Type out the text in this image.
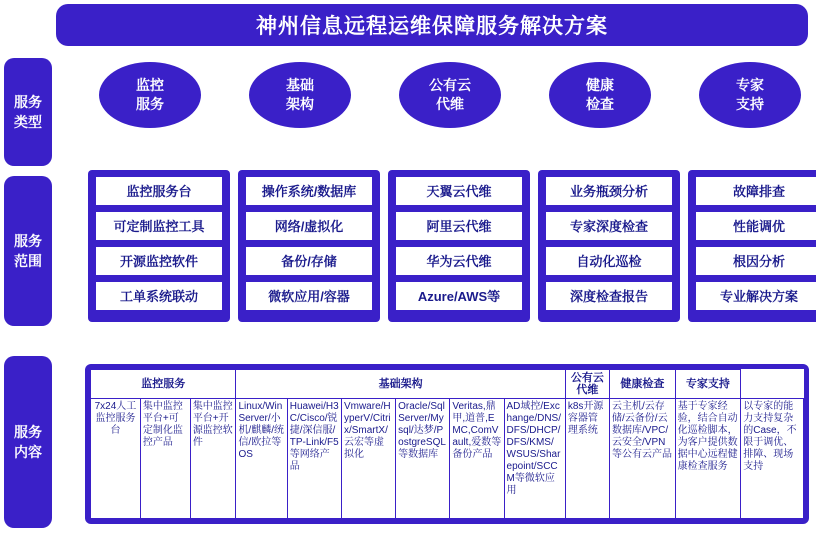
神州信息远程运维保障服务解决方案
服务
类型
服务
范围
服务
内容
监控
服务
基础
架构
公有云
代维
健康
检查
专家
支持
监控服务台
可定制监控工具
开源监控软件
工单系统联动
操作系统/数据库
网络/虚拟化
备份/存储
微软应用/容器
天翼云代维
阿里云代维
华为云代维
Azure/AWS等
业务瓶颈分析
专家深度检查
自动化巡检
深度检查报告
故障排查
性能调优
根因分析
专业解决方案
监控服务			基础架构						公有云代维	健康检查	专家支持	
7x24人工监控服务台	集中监控平台+可定制化监控产品	集中监控平台+开源监控软件	Linux/Win Server/小机/麒麟/统信/欧拉等OS	Huawei/H3C/Cisco/锐捷/深信服/TP-Link/F5等网络产品	Vmware/HyperV/Citrix/SmartX/云宏等虚拟化	Oracle/SqlServer/Mysql/达梦/PostgreSQL等数据库	Veritas,鼎甲,道普,EMC,ComVault,爱数等备份产品	AD域控/Exchange/DNS/DFS/DHCP/DFS/KMS/WSUS/Sharepoint/SCCM等微软应用	k8s开源容器管理系统	云主机/云存储/云备份/云数据库/VPC/云安全/VPN等公有云产品	基于专家经验，结合自动化巡检脚本，为客户提供数据中心远程健康检查服务	以专家的能力支持复杂的Case，不限于调优、排障、现场支持
